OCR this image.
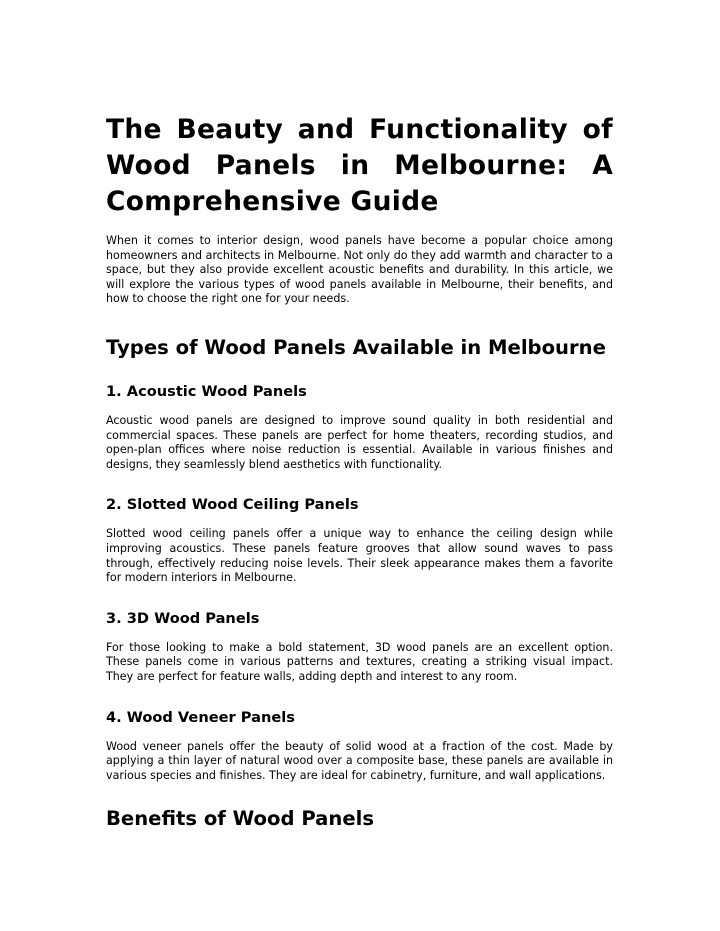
The Beauty and Functionality of Wood Panels in Melbourne: A Comprehensive Guide

When it comes to interior design, wood panels have become a popular choice among homeowners and architects in Melbourne. Not only do they add warmth and character to a space, but they also provide excellent acoustic benefits and durability. In this article, we will explore the various types of wood panels available in Melbourne, their benefits, and how to choose the right one for your needs.

Types of Wood Panels Available in Melbourne
1. Acoustic Wood Panels

Acoustic wood panels are designed to improve sound quality in both residential and commercial spaces. These panels are perfect for home theaters, recording studios, and open-plan offices where noise reduction is essential. Available in various finishes and designs, they seamlessly blend aesthetics with functionality.

2. Slotted Wood Ceiling Panels

Slotted wood ceiling panels offer a unique way to enhance the ceiling design while improving acoustics. These panels feature grooves that allow sound waves to pass through, effectively reducing noise levels. Their sleek appearance makes them a favorite for modern interiors in Melbourne.

3. 3D Wood Panels

For those looking to make a bold statement, 3D wood panels are an excellent option. These panels come in various patterns and textures, creating a striking visual impact. They are perfect for feature walls, adding depth and interest to any room.

4. Wood Veneer Panels

Wood veneer panels offer the beauty of solid wood at a fraction of the cost. Made by applying a thin layer of natural wood over a composite base, these panels are available in various species and finishes. They are ideal for cabinetry, furniture, and wall applications.

Benefits of Wood Panels
